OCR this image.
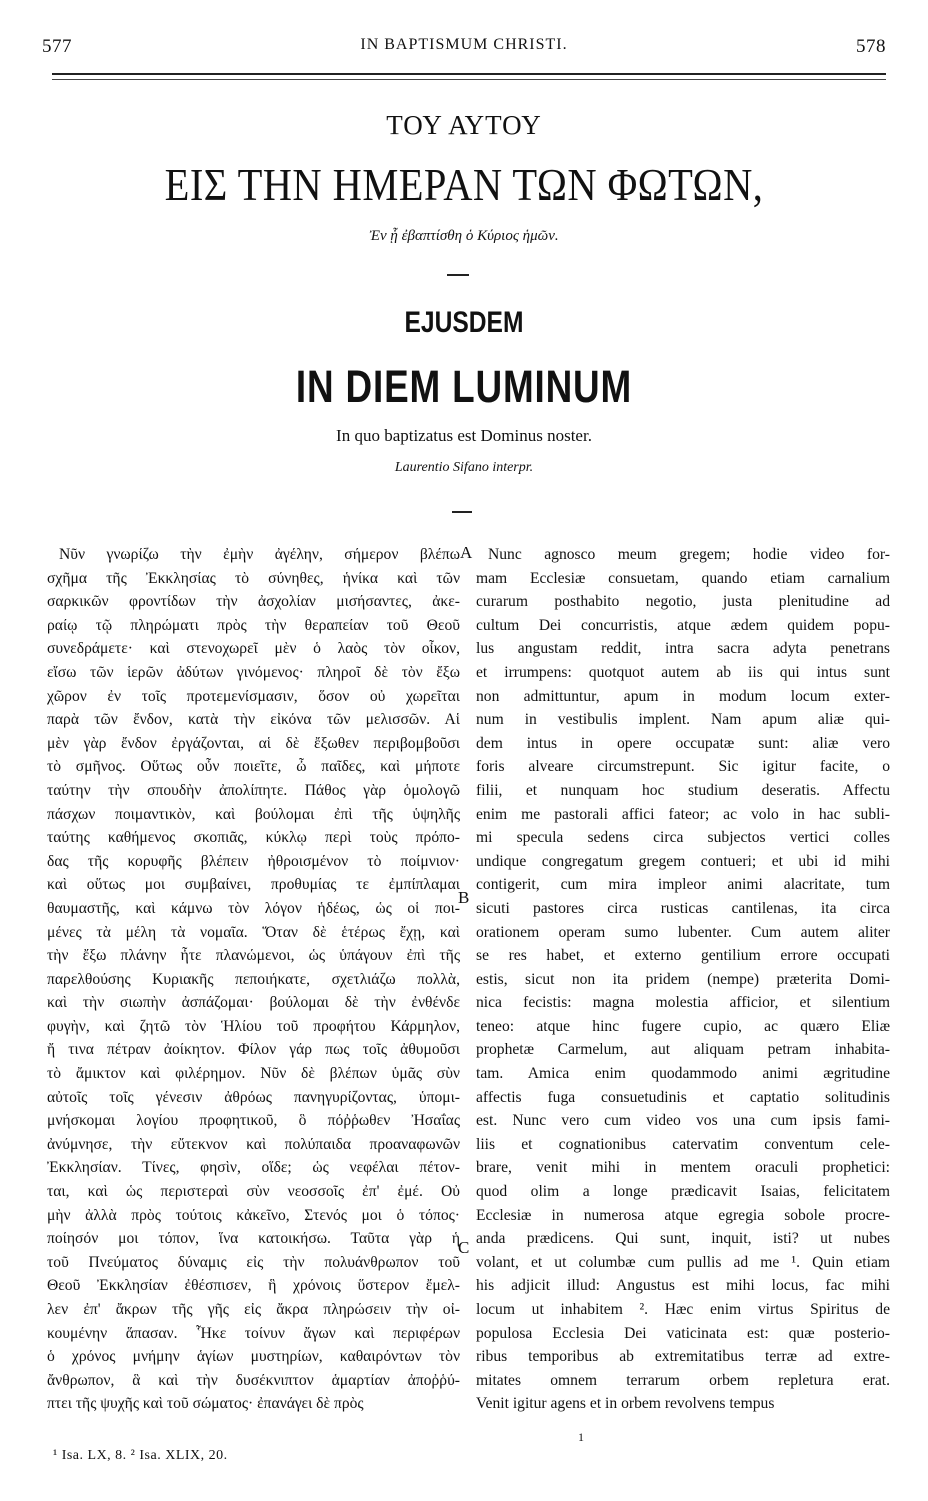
577	IN BAPTISMUM CHRISTI.	578
ΤΟΥ ΑΥΤΟΥ
ΕΙΣ ΤΗΝ ΗΜΕΡΑΝ ΤΩΝ ΦΩΤΩΝ,
Ἐν ᾗ ἐβαπτίσθη ὁ Κύριος ἡμῶν.
EJUSDEM
IN DIEM LUMINUM
In quo baptizatus est Dominus noster.
Laurentio Sifano interpr.
Νῦν γνωρίζω τὴν ἐμὴν ἀγέλην, σήμερον βλέπω
σχῆμα τῆς Ἐκκλησίας τὸ σύνηθες, ἡνίκα καὶ τῶν
σαρκικῶν φροντίδων τὴν ἀσχολίαν μισήσαντες, ἀκε-
ραίῳ τῷ πληρώματι πρὸς τὴν θεραπείαν τοῦ Θεοῦ
συνεδράμετε· καὶ στενοχωρεῖ μὲν ὁ λαὸς τὸν οἶκον,
εἴσω τῶν ἱερῶν ἀδύτων γινόμενος· πληροῖ δὲ τὸν ἔξω
χῶρον ἐν τοῖς προτεμενίσμασιν, ὅσον οὐ χωρεῖται
παρὰ τῶν ἔνδον, κατὰ τὴν εἰκόνα τῶν μελισσῶν. Αἱ
μὲν γὰρ ἔνδον ἐργάζονται, αἱ δὲ ἔξωθεν περιβομβοῦσι
τὸ σμῆνος. Οὕτως οὖν ποιεῖτε, ὦ παῖδες, καὶ μήποτε
ταύτην τὴν σπουδὴν ἀπολίπητε. Πάθος γὰρ ὁμολογῶ
πάσχων ποιμαντικὸν, καὶ βούλομαι ἐπὶ τῆς ὑψηλῆς
ταύτης καθήμενος σκοπιᾶς, κύκλῳ περὶ τοὺς πρόπο-
δας τῆς κορυφῆς βλέπειν ἠθροισμένον τὸ ποίμνιον·
καὶ οὕτως μοι συμβαίνει, προθυμίας τε ἐμπίπλαμαι
θαυμαστῆς, καὶ κάμνω τὸν λόγον ἡδέως, ὡς οἱ ποι-
μένες τὰ μέλη τὰ νομαῖα. Ὅταν δὲ ἑτέρως ἔχῃ, καὶ
τὴν ἔξω πλάνην ἦτε πλανώμενοι, ὡς ὑπάγουν ἐπὶ τῆς
παρελθούσης Κυριακῆς πεποιήκατε, σχετλιάζω πολλὰ,
καὶ τὴν σιωπὴν ἀσπάζομαι· βούλομαι δὲ τὴν ἐνθένδε
φυγὴν, καὶ ζητῶ τὸν Ἡλίου τοῦ προφήτου Κάρμηλον,
ἤ τινα πέτραν ἀοίκητον. Φίλον γάρ πως τοῖς ἀθυμοῦσι
τὸ ἄμικτον καὶ φιλέρημον. Νῦν δὲ βλέπων ὑμᾶς σὺν
αὐτοῖς τοῖς γένεσιν ἀθρόως πανηγυρίζοντας, ὑπομι-
μνήσκομαι λογίου προφητικοῦ, ὃ πόῤῥωθεν Ἠσαΐας
ἀνύμνησε, τὴν εὔτεκνον καὶ πολύπαιδα προαναφωνῶν
Ἐκκλησίαν. Τίνες, φησὶν, οἵδε; ὡς νεφέλαι πέτον-
ται, καὶ ὡς περιστεραὶ σὺν νεοσσοῖς ἐπ' ἐμέ. Οὐ
μὴν ἀλλὰ πρὸς τούτοις κἀκεῖνο, Στενός μοι ὁ τόπος·
ποίησόν μοι τόπον, ἵνα κατοικήσω. Ταῦτα γὰρ ἡ
τοῦ Πνεύματος δύναμις εἰς τὴν πολυάνθρωπον τοῦ
Θεοῦ Ἐκκλησίαν ἐθέσπισεν, ἣ χρόνοις ὕστερον ἔμελ-
λεν ἐπ' ἄκρων τῆς γῆς εἰς ἄκρα πληρώσειν τὴν οἰ-
κουμένην ἅπασαν. Ἧκε τοίνυν ἄγων καὶ περιφέρων
ὁ χρόνος μνήμην ἁγίων μυστηρίων, καθαιρόντων τὸν
ἄνθρωπον, ἃ καὶ τὴν δυσέκνιπτον ἁμαρτίαν ἀποῤῥύ-
πτει τῆς ψυχῆς καὶ τοῦ σώματος· ἐπανάγει δὲ πρὸς
Nunc agnosco meum gregem; hodie video for-
mam Ecclesiæ consuetam, quando etiam carnalium
curarum posthabito negotio, justa plenitudine ad
cultum Dei concurristis, atque ædem quidem popu-
lus angustam reddit, intra sacra adyta penetrans
et irrumpens: quotquot autem ab iis qui intus sunt
non admittuntur, apum in modum locum exter-
num in vestibulis implent. Nam apum aliæ qui-
dem intus in opere occupatæ sunt: aliæ vero
foris alveare circumstrepunt. Sic igitur facite, o
filii, et nunquam hoc studium deseratis. Affectu
enim me pastorali affici fateor; ac volo in hac subli-
mi specula sedens circa subjectos vertici colles
undique congregatum gregem contueri; et ubi id mihi
contigerit, cum mira impleor animi alacritate, tum
sicuti pastores circa rusticas cantilenas, ita circa
orationem operam sumo lubenter. Cum autem aliter
se res habet, et externo gentilium errore occupati
estis, sicut non ita pridem (nempe) præterita Domi-
nica fecistis: magna molestia afficior, et silentium
teneo: atque hinc fugere cupio, ac quæro Eliæ
prophetæ Carmelum, aut aliquam petram inhabita-
tam. Amica enim quodammodo animi ægritudine
affectis fuga consuetudinis et captatio solitudinis
est. Nunc vero cum video vos una cum ipsis fami-
liis et cognationibus catervatim conventum cele-
brare, venit mihi in mentem oraculi prophetici:
quod olim a longe prædicavit Isaias, felicitatem
Ecclesiæ in numerosa atque egregia sobole procre-
anda prædicens. Qui sunt, inquit, isti? ut nubes
volant, et ut columbæ cum pullis ad me ¹. Quin etiam
his adjicit illud: Angustus est mihi locus, fac mihi
locum ut inhabitem ². Hæc enim virtus Spiritus de
populosa Ecclesia Dei vaticinata est: quæ posterio-
ribus temporibus ab extremitatibus terræ ad extre-
mitates omnem terrarum orbem repletura erat.
Venit igitur agens et in orbem revolvens tempus
A
B
C
1
¹ Isa. LX, 8. ² Isa. XLIX, 20.
